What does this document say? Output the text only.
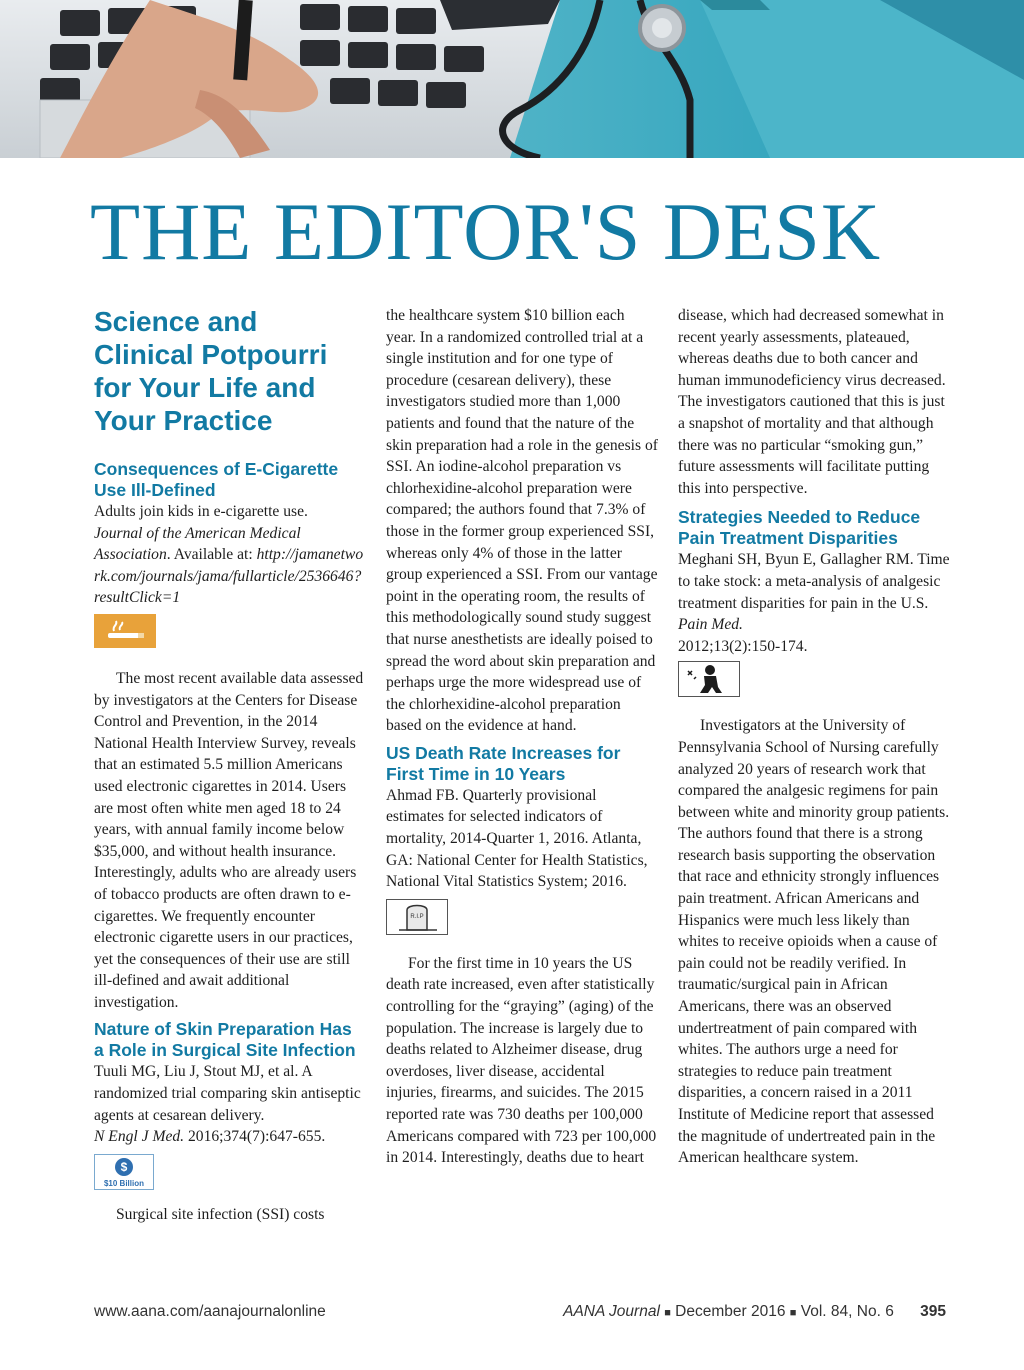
THE EDITOR'S DESK
Science and Clinical Potpourri for Your Life and Your Practice
Consequences of E-Cigarette Use Ill-Defined

Adults join kids in e-cigarette use.
Journal of the American Medical Association. Available at: http://jamanetwork.com/journals/jama/fullarticle/2536646?resultClick=1

The most recent available data assessed by investigators at the Centers for Disease Control and Prevention, in the 2014 National Health Interview Survey, reveals that an estimated 5.5 million Americans used electronic cigarettes in 2014. Users are most often white men aged 18 to 24 years, with annual family income below $35,000, and without health insurance. Interestingly, adults who are already users of tobacco products are often drawn to e-cigarettes. We frequently encounter electronic cigarette users in our practices, yet the consequences of their use are still ill-defined and await additional investigation.

Nature of Skin Preparation Has a Role in Surgical Site Infection

Tuuli MG, Liu J, Stout MJ, et al. A randomized trial comparing skin antiseptic agents at cesarean delivery.
N Engl J Med. 2016;374(7):647-655.

$
$10 Billion

Surgical site infection (SSI) costs

the healthcare system $10 billion each year. In a randomized controlled trial at a single institution and for one type of procedure (cesarean delivery), these investigators studied more than 1,000 patients and found that the nature of the skin preparation had a role in the genesis of SSI. An iodine-alcohol preparation vs chlorhexidine-alcohol preparation were compared; the authors found that 7.3% of those in the former group experienced SSI, whereas only 4% of those in the latter group experienced a SSI. From our vantage point in the operating room, the results of this methodologically sound study suggest that nurse anesthetists are ideally poised to spread the word about skin preparation and perhaps urge the more widespread use of the chlorhexidine-alcohol preparation based on the evidence at hand.

US Death Rate Increases for First Time in 10 Years

Ahmad FB. Quarterly provisional estimates for selected indicators of mortality, 2014-Quarter 1, 2016. Atlanta, GA: National Center for Health Statistics, National Vital Statistics System; 2016.

R.I.P

For the first time in 10 years the US death rate increased, even after statistically controlling for the “graying” (aging) of the population. The increase is largely due to deaths related to Alzheimer disease, drug overdoses, liver disease, accidental injuries, firearms, and suicides. The 2015 reported rate was 730 deaths per 100,000 Americans compared with 723 per 100,000 in 2014. Interestingly, deaths due to heart

disease, which had decreased somewhat in recent yearly assessments, plateaued, whereas deaths due to both cancer and human immunodeficiency virus decreased. The investigators cautioned that this is just a snapshot of mortality and that although there was no particular “smoking gun,” future assessments will facilitate putting this into perspective.

Strategies Needed to Reduce Pain Treatment Disparities

Meghani SH, Byun E, Gallagher RM. Time to take stock: a meta-analysis of analgesic treatment disparities for pain in the U.S. Pain Med.
2012;13(2):150-174.

Investigators at the University of Pennsylvania School of Nursing carefully analyzed 20 years of research work that compared the analgesic regimens for pain between white and minority group patients. The authors found that there is a strong research basis supporting the observation that race and ethnicity strongly influences pain treatment. African Americans and Hispanics were much less likely than whites to receive opioids when a cause of pain could not be readily verified. In traumatic/surgical pain in African Americans, there was an observed undertreatment of pain compared with whites. The authors urge a need for strategies to reduce pain treatment disparities, a concern raised in a 2011 Institute of Medicine report that assessed the magnitude of undertreated pain in the American healthcare system.

www.aana.com/aanajournalonline	AANA Journal ■ December 2016 ■ Vol. 84, No. 6 395
